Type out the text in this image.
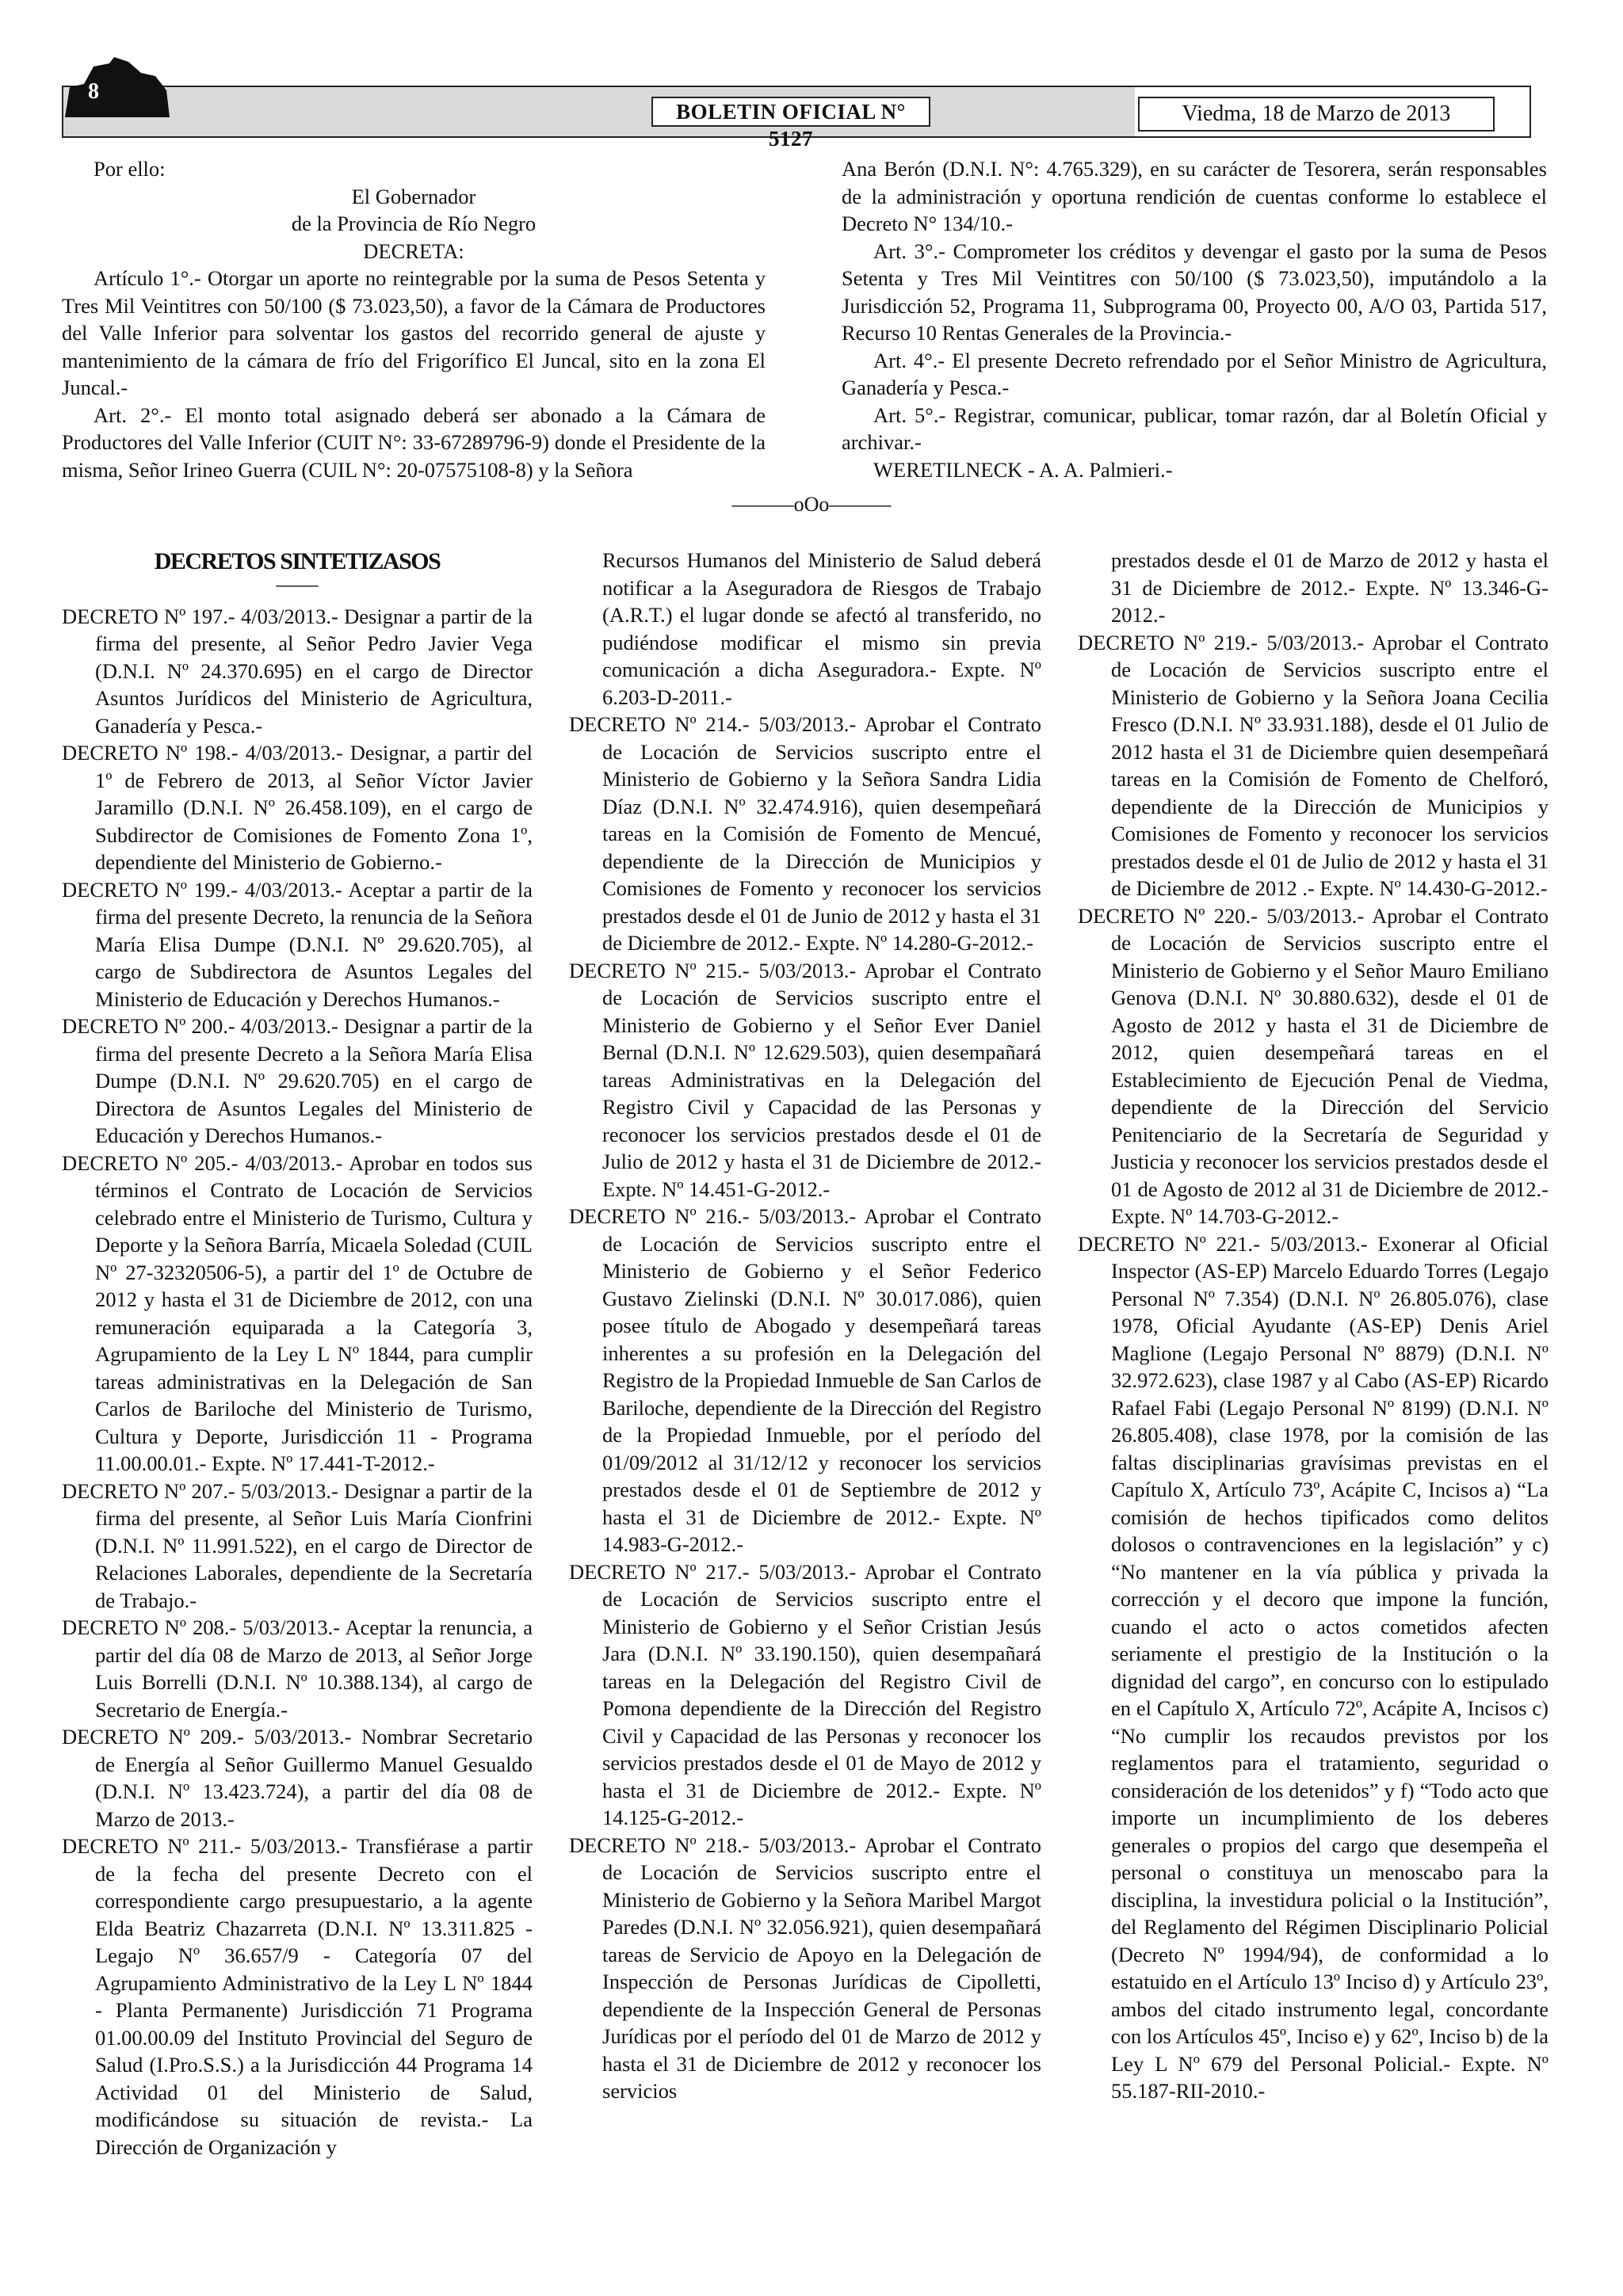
8
BOLETIN OFICIAL N° 5127
Viedma, 18 de Marzo de 2013

Por ello:

El Gobernador

de la Provincia de Río Negro

DECRETA:

Artículo 1°.- Otorgar un aporte no reintegrable por la suma de Pesos Setenta y Tres Mil Veintitres con 50/100 ($ 73.023,50), a favor de la Cámara de Productores del Valle Inferior para solventar los gastos del recorrido general de ajuste y mantenimiento de la cámara de frío del Frigorífico El Juncal, sito en la zona El Juncal.-

Art. 2°.- El monto total asignado deberá ser abonado a la Cámara de Productores del Valle Inferior (CUIT N°: 33-67289796-9) donde el Presidente de la misma, Señor Irineo Guerra (CUIL N°: 20-07575108-8) y la Señora

Ana Berón (D.N.I. N°: 4.765.329), en su carácter de Tesorera, serán responsables de la administración y oportuna rendición de cuentas conforme lo establece el Decreto N° 134/10.-

Art. 3°.- Comprometer los créditos y devengar el gasto por la suma de Pesos Setenta y Tres Mil Veintitres con 50/100 ($ 73.023,50), imputándolo a la Jurisdicción 52, Programa 11, Subprograma 00, Proyecto 00, A/O 03, Partida 517, Recurso 10 Rentas Generales de la Provincia.-

Art. 4°.- El presente Decreto refrendado por el Señor Ministro de Agricultura, Ganadería y Pesca.-

Art. 5°.- Registrar, comunicar, publicar, tomar razón, dar al Boletín Oficial y archivar.-

WERETILNECK - A. A. Palmieri.-

———oOo———

DECRETOS SINTETIZASOS

——

DECRETO Nº 197.- 4/03/2013.- Designar a partir de la firma del presente, al Señor Pedro Javier Vega (D.N.I. Nº 24.370.695) en el cargo de Director Asuntos Jurídicos del Ministerio de Agricultura, Ganadería y Pesca.-

DECRETO Nº 198.- 4/03/2013.- Designar, a partir del 1º de Febrero de 2013, al Señor Víctor Javier Jaramillo (D.N.I. Nº 26.458.109), en el cargo de Subdirector de Comisiones de Fomento Zona 1º, dependiente del Ministerio de Gobierno.-

DECRETO Nº 199.- 4/03/2013.- Aceptar a partir de la firma del presente Decreto, la renuncia de la Señora María Elisa Dumpe (D.N.I. Nº 29.620.705), al cargo de Subdirectora de Asuntos Legales del Ministerio de Educación y Derechos Humanos.-

DECRETO Nº 200.- 4/03/2013.- Designar a partir de la firma del presente Decreto a la Señora María Elisa Dumpe (D.N.I. Nº 29.620.705) en el cargo de Directora de Asuntos Legales del Ministerio de Educación y Derechos Humanos.-

DECRETO Nº 205.- 4/03/2013.- Aprobar en todos sus términos el Contrato de Locación de Servicios celebrado entre el Ministerio de Turismo, Cultura y Deporte y la Señora Barría, Micaela Soledad (CUIL Nº 27-32320506-5), a partir del 1º de Octubre de 2012 y hasta el 31 de Diciembre de 2012, con una remuneración equiparada a la Categoría 3, Agrupamiento de la Ley L Nº 1844, para cumplir tareas administrativas en la Delegación de San Carlos de Bariloche del Ministerio de Turismo, Cultura y Deporte, Jurisdicción 11 - Programa 11.00.00.01.- Expte. Nº 17.441-T-2012.-

DECRETO Nº 207.- 5/03/2013.- Designar a partir de la firma del presente, al Señor Luis María Cionfrini (D.N.I. Nº 11.991.522), en el cargo de Director de Relaciones Laborales, dependiente de la Secretaría de Trabajo.-

DECRETO Nº 208.- 5/03/2013.- Aceptar la renuncia, a partir del día 08 de Marzo de 2013, al Señor Jorge Luis Borrelli (D.N.I. Nº 10.388.134), al cargo de Secretario de Energía.-

DECRETO Nº 209.- 5/03/2013.- Nombrar Secretario de Energía al Señor Guillermo Manuel Gesualdo (D.N.I. Nº 13.423.724), a partir del día 08 de Marzo de 2013.-

DECRETO Nº 211.- 5/03/2013.- Transfiérase a partir de la fecha del presente Decreto con el correspondiente cargo presupuestario, a la agente Elda Beatriz Chazarreta (D.N.I. Nº 13.311.825 - Legajo Nº 36.657/9 - Categoría 07 del Agrupamiento Administrativo de la Ley L Nº 1844 - Planta Permanente) Jurisdicción 71 Programa 01.00.00.09 del Instituto Provincial del Seguro de Salud (I.Pro.S.S.) a la Jurisdicción 44 Programa 14 Actividad 01 del Ministerio de Salud, modificándose su situación de revista.- La Dirección de Organización y

Recursos Humanos del Ministerio de Salud deberá notificar a la Aseguradora de Riesgos de Trabajo (A.R.T.) el lugar donde se afectó al transferido, no pudiéndose modificar el mismo sin previa comunicación a dicha Aseguradora.- Expte. Nº 6.203-D-2011.-

DECRETO Nº 214.- 5/03/2013.- Aprobar el Contrato de Locación de Servicios suscripto entre el Ministerio de Gobierno y la Señora Sandra Lidia Díaz (D.N.I. Nº 32.474.916), quien desempeñará tareas en la Comisión de Fomento de Mencué, dependiente de la Dirección de Municipios y Comisiones de Fomento y reconocer los servicios prestados desde el 01 de Junio de 2012 y hasta el 31 de Diciembre de 2012.- Expte. Nº 14.280-G-2012.-

DECRETO Nº 215.- 5/03/2013.- Aprobar el Contrato de Locación de Servicios suscripto entre el Ministerio de Gobierno y el Señor Ever Daniel Bernal (D.N.I. Nº 12.629.503), quien desempañará tareas Administrativas en la Delegación del Registro Civil y Capacidad de las Personas y reconocer los servicios prestados desde el 01 de Julio de 2012 y hasta el 31 de Diciembre de 2012.- Expte. Nº 14.451-G-2012.-

DECRETO Nº 216.- 5/03/2013.- Aprobar el Contrato de Locación de Servicios suscripto entre el Ministerio de Gobierno y el Señor Federico Gustavo Zielinski (D.N.I. Nº 30.017.086), quien posee título de Abogado y desempeñará tareas inherentes a su profesión en la Delegación del Registro de la Propiedad Inmueble de San Carlos de Bariloche, dependiente de la Dirección del Registro de la Propiedad Inmueble, por el período del 01/09/2012 al 31/12/12 y reconocer los servicios prestados desde el 01 de Septiembre de 2012 y hasta el 31 de Diciembre de 2012.- Expte. Nº 14.983-G-2012.-

DECRETO Nº 217.- 5/03/2013.- Aprobar el Contrato de Locación de Servicios suscripto entre el Ministerio de Gobierno y el Señor Cristian Jesús Jara (D.N.I. Nº 33.190.150), quien desempañará tareas en la Delegación del Registro Civil de Pomona dependiente de la Dirección del Registro Civil y Capacidad de las Personas y reconocer los servicios prestados desde el 01 de Mayo de 2012 y hasta el 31 de Diciembre de 2012.- Expte. Nº 14.125-G-2012.-

DECRETO Nº 218.- 5/03/2013.- Aprobar el Contrato de Locación de Servicios suscripto entre el Ministerio de Gobierno y la Señora Maribel Margot Paredes (D.N.I. Nº 32.056.921), quien desempañará tareas de Servicio de Apoyo en la Delegación de Inspección de Personas Jurídicas de Cipolletti, dependiente de la Inspección General de Personas Jurídicas por el período del 01 de Marzo de 2012 y hasta el 31 de Diciembre de 2012 y reconocer los servicios

prestados desde el 01 de Marzo de 2012 y hasta el 31 de Diciembre de 2012.- Expte. Nº 13.346-G-2012.-

DECRETO Nº 219.- 5/03/2013.- Aprobar el Contrato de Locación de Servicios suscripto entre el Ministerio de Gobierno y la Señora Joana Cecilia Fresco (D.N.I. Nº 33.931.188), desde el 01 Julio de 2012 hasta el 31 de Diciembre quien desempeñará tareas en la Comisión de Fomento de Chelforó, dependiente de la Dirección de Municipios y Comisiones de Fomento y reconocer los servicios prestados desde el 01 de Julio de 2012 y hasta el 31 de Diciembre de 2012 .- Expte. Nº 14.430-G-2012.-

DECRETO Nº 220.- 5/03/2013.- Aprobar el Contrato de Locación de Servicios suscripto entre el Ministerio de Gobierno y el Señor Mauro Emiliano Genova (D.N.I. Nº 30.880.632), desde el 01 de Agosto de 2012 y hasta el 31 de Diciembre de 2012, quien desempeñará tareas en el Establecimiento de Ejecución Penal de Viedma, dependiente de la Dirección del Servicio Penitenciario de la Secretaría de Seguridad y Justicia y reconocer los servicios prestados desde el 01 de Agosto de 2012 al 31 de Diciembre de 2012.- Expte. Nº 14.703-G-2012.-

DECRETO Nº 221.- 5/03/2013.- Exonerar al Oficial Inspector (AS-EP) Marcelo Eduardo Torres (Legajo Personal Nº 7.354) (D.N.I. Nº 26.805.076), clase 1978, Oficial Ayudante (AS-EP) Denis Ariel Maglione (Legajo Personal Nº 8879) (D.N.I. Nº 32.972.623), clase 1987 y al Cabo (AS-EP) Ricardo Rafael Fabi (Legajo Personal Nº 8199) (D.N.I. Nº 26.805.408), clase 1978, por la comisión de las faltas disciplinarias gravísimas previstas en el Capítulo X, Artículo 73º, Acápite C, Incisos a) “La comisión de hechos tipificados como delitos dolosos o contravenciones en la legislación” y c) “No mantener en la vía pública y privada la corrección y el decoro que impone la función, cuando el acto o actos cometidos afecten seriamente el prestigio de la Institución o la dignidad del cargo”, en concurso con lo estipulado en el Capítulo X, Artículo 72º, Acápite A, Incisos c) “No cumplir los recaudos previstos por los reglamentos para el tratamiento, seguridad o consideración de los detenidos” y f) “Todo acto que importe un incumplimiento de los deberes generales o propios del cargo que desempeña el personal o constituya un menoscabo para la disciplina, la investidura policial o la Institución”, del Reglamento del Régimen Disciplinario Policial (Decreto Nº 1994/94), de conformidad a lo estatuido en el Artículo 13º Inciso d) y Artículo 23º, ambos del citado instrumento legal, concordante con los Artículos 45º, Inciso e) y 62º, Inciso b) de la Ley L Nº 679 del Personal Policial.- Expte. Nº 55.187-RII-2010.-
